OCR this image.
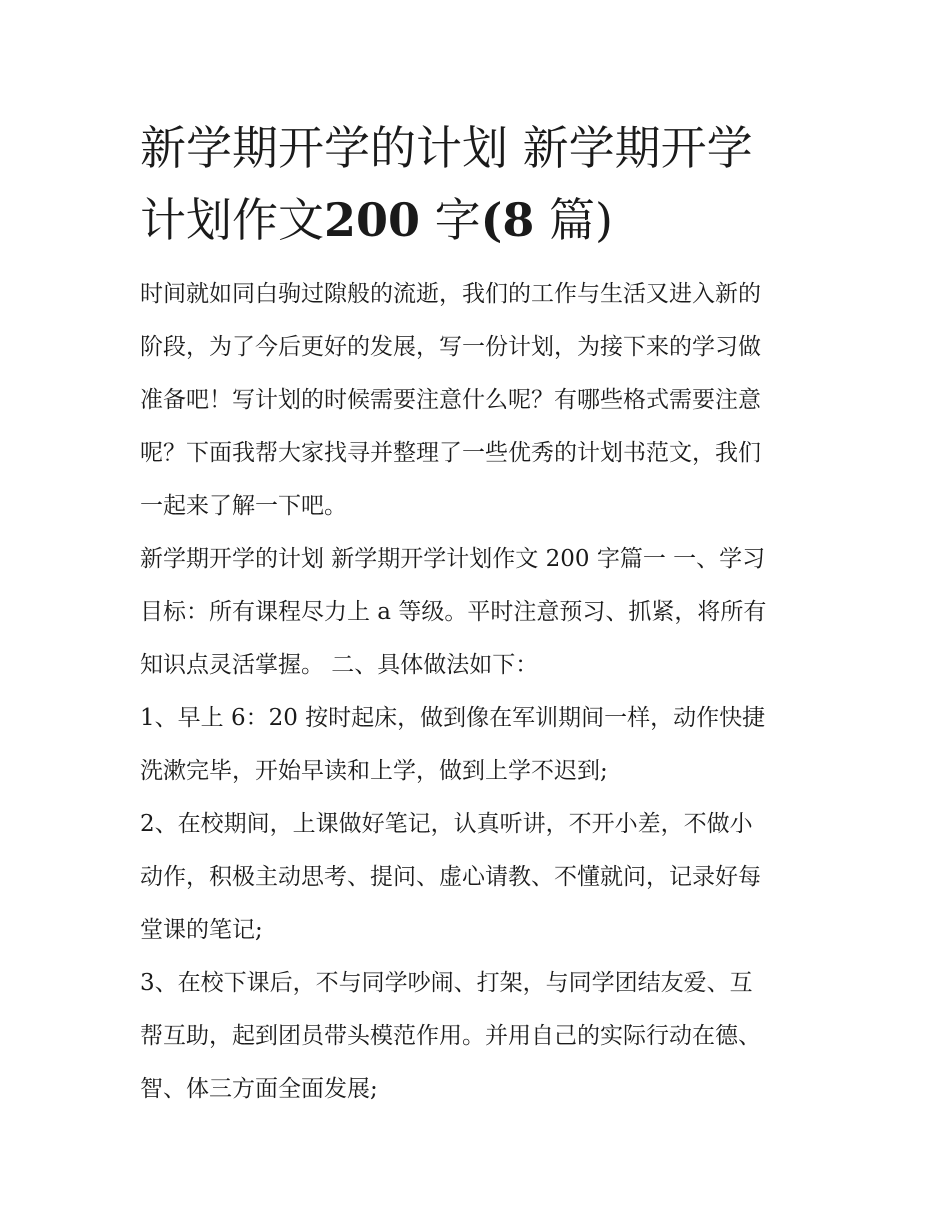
新学期开学的计划 新学期开学
计划作文200 字(8 篇)

时间就如同白驹过隙般的流逝，我们的工作与生活又进入新的
阶段，为了今后更好的发展，写一份计划，为接下来的学习做
准备吧！写计划的时候需要注意什么呢？有哪些格式需要注意
呢？下面我帮大家找寻并整理了一些优秀的计划书范文，我们
一起来了解一下吧。

新学期开学的计划 新学期开学计划作文 200 字篇一 一、学习
目标：所有课程尽力上 a 等级。平时注意预习、抓紧，将所有
知识点灵活掌握。 二、具体做法如下：

1、早上 6：20 按时起床，做到像在军训期间一样，动作快捷
洗漱完毕，开始早读和上学，做到上学不迟到;

2、在校期间，上课做好笔记，认真听讲，不开小差，不做小
动作，积极主动思考、提问、虚心请教、不懂就问，记录好每
堂课的笔记;

3、在校下课后，不与同学吵闹、打架，与同学团结友爱、互
帮互助，起到团员带头模范作用。并用自己的实际行动在德、
智、体三方面全面发展;
